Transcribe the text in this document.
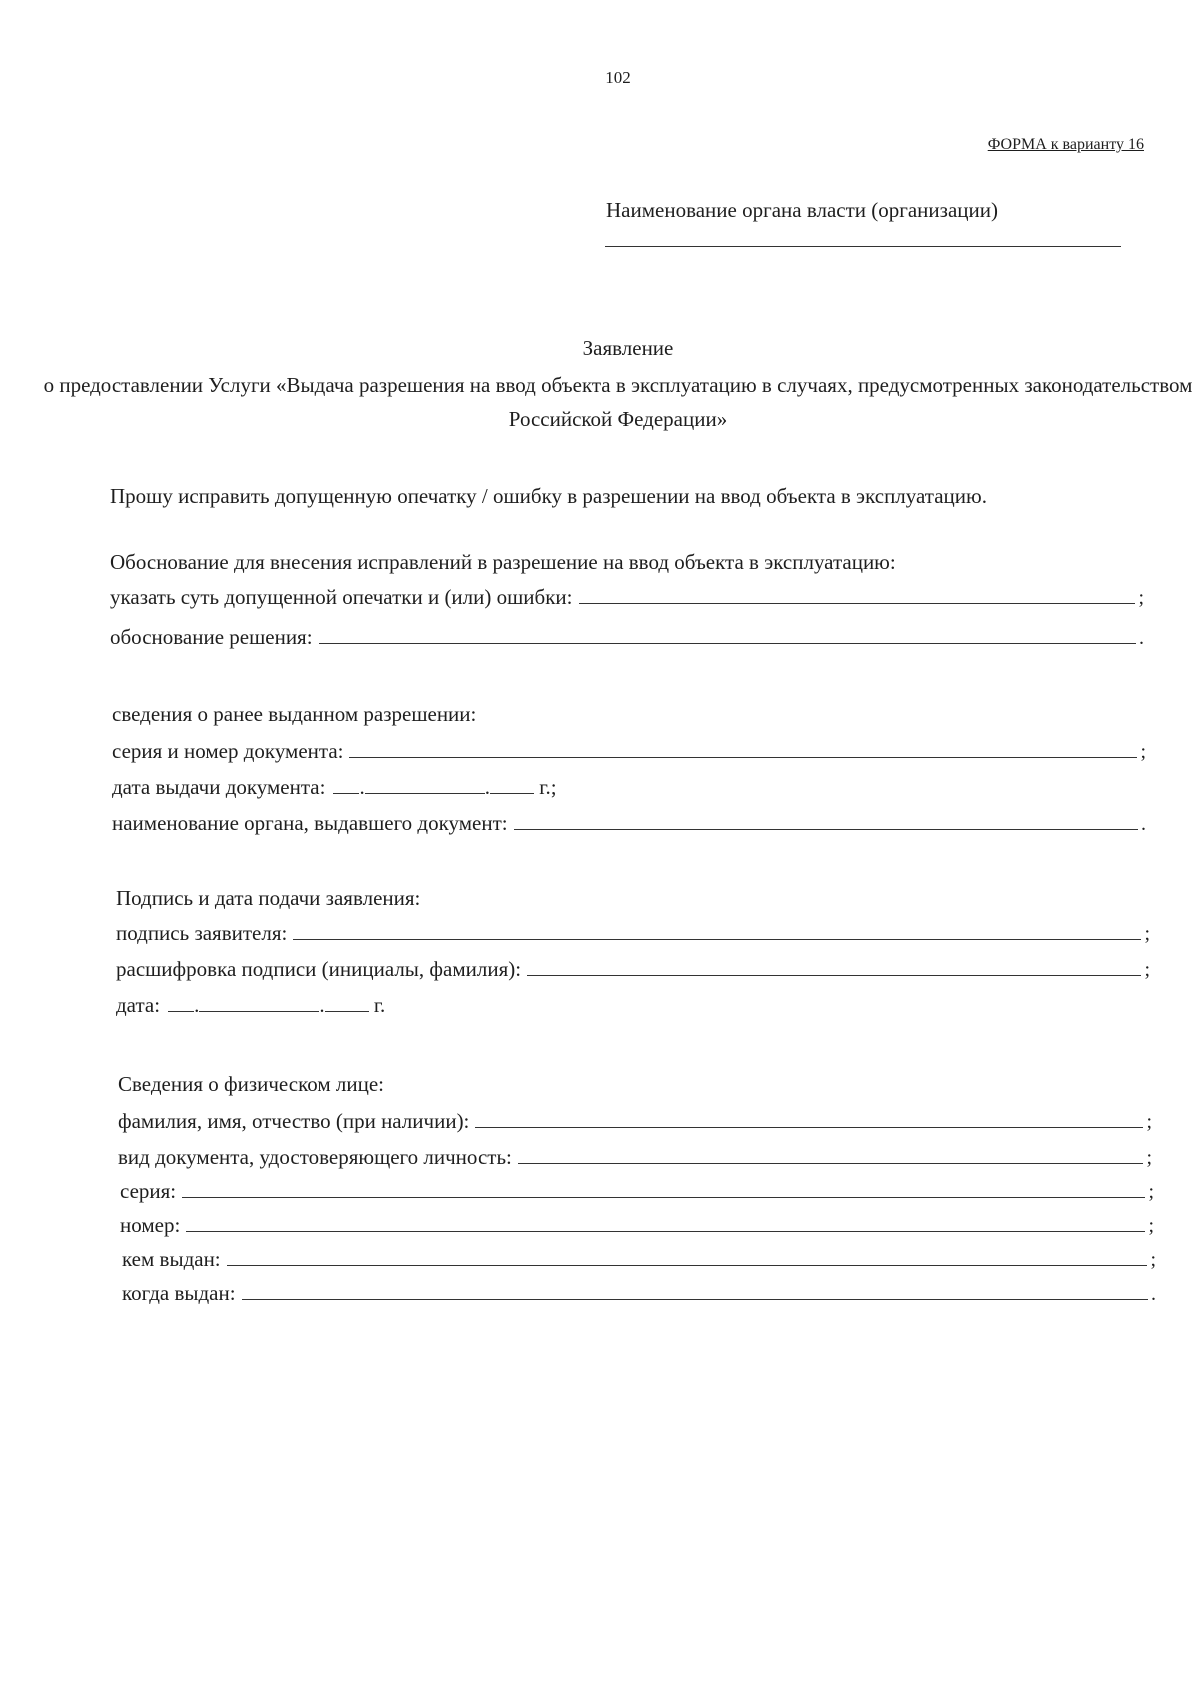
102
ФОРМА к варианту 16
Наименование органа власти (организации)
Заявление
о предоставлении Услуги «Выдача разрешения на ввод объекта в эксплуатацию в случаях, предусмотренных законодательством Российской Федерации»
Прошу исправить допущенную опечатку / ошибку в разрешении на ввод объекта в эксплуатацию.
Обоснование для внесения исправлений в разрешение на ввод объекта в эксплуатацию:
указать суть допущенной опечатки и (или) ошибки:	;
обоснование решения:	.
сведения о ранее выданном разрешении:
серия и номер документа:	;
дата выдачи документа:	.	. г.;
наименование органа, выдавшего документ:	.
Подпись и дата подачи заявления:
подпись заявителя:	;
расшифровка подписи (инициалы, фамилия):	;
дата:	.	. г.
Сведения о физическом лице:
фамилия, имя, отчество (при наличии):	;
вид документа, удостоверяющего личность:	;
серия:	;
номер:	;
кем выдан:	;
когда выдан:	.
